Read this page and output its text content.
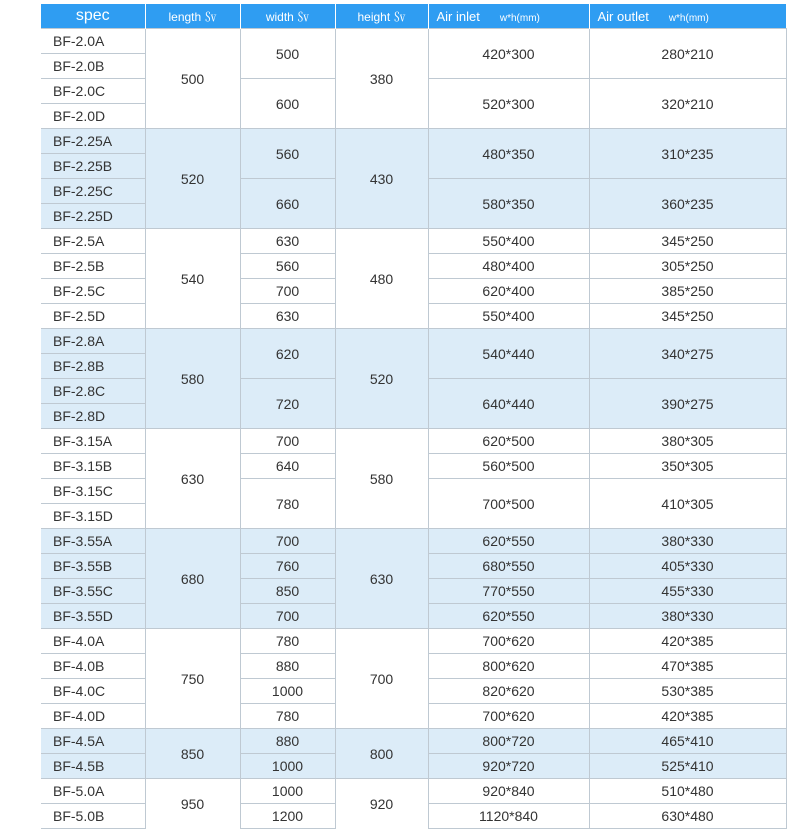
spec	length ㏜	width ㏜	height ㏜	Air inlet w*h(mm)	Air outlet w*h(mm)
BF-2.0A	500	500	380	420*300	280*210
BF-2.0B					
BF-2.0C		600		520*300	320*210
BF-2.0D					
BF-2.25A	520	560	430	480*350	310*235
BF-2.25B					
BF-2.25C		660		580*350	360*235
BF-2.25D					
BF-2.5A	540	630	480	550*400	345*250
BF-2.5B		560		480*400	305*250
BF-2.5C		700		620*400	385*250
BF-2.5D		630		550*400	345*250
BF-2.8A	580	620	520	540*440	340*275
BF-2.8B					
BF-2.8C		720		640*440	390*275
BF-2.8D					
BF-3.15A	630	700	580	620*500	380*305
BF-3.15B		640		560*500	350*305
BF-3.15C		780		700*500	410*305
BF-3.15D					
BF-3.55A	680	700	630	620*550	380*330
BF-3.55B		760		680*550	405*330
BF-3.55C		850		770*550	455*330
BF-3.55D		700		620*550	380*330
BF-4.0A	750	780	700	700*620	420*385
BF-4.0B		880		800*620	470*385
BF-4.0C		1000		820*620	530*385
BF-4.0D		780		700*620	420*385
BF-4.5A	850	880	800	800*720	465*410
BF-4.5B		1000		920*720	525*410
BF-5.0A	950	1000	920	920*840	510*480
BF-5.0B		1200		1120*840	630*480
